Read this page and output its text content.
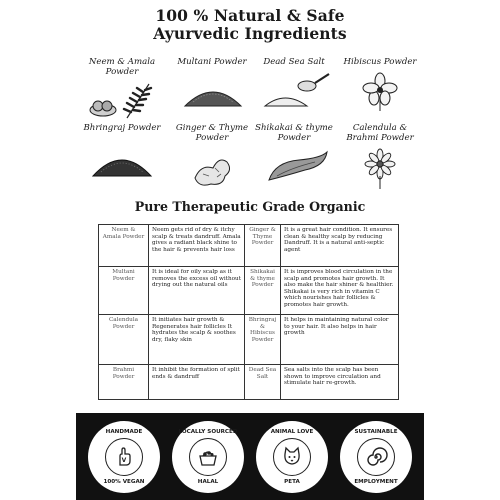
100 % Natural & Safe
Ayurvedic Ingredients
Neem & Amala Powder
Multani Powder	Dead Sea Salt	Hibiscus Powder
Bhringraj Powder	Ginger & Thyme Powder
Shikakai & thyme Powder
Calendula & Brahmi Powder
Pure Therapeutic Grade Organic
Neem & Amala Powder	Neem gets rid of dry & itchy scalp & treats dandruff. Amala gives a radiant black shine to the hair & prevents hair loss	Ginger & Thyme Powder	It is a great hair condition. It ensures clean & healthy scalp by reducing Dandruff. It is a natural anti-septic agent
Multani Powder	It is ideal for oily scalp as it removes the excess oil without drying out the natural oils	Shikakai & thyme Powder	It is improves blood circulation in the scalp and promotes hair growth. It also make the hair shiner & healthier. Shikakai is very rich in vitamin C which nourishes hair follicles & promotes hair growth.
Calendula Powder	It initiates hair growth & Regenerates hair follicles It hydrates the scalp & soothes dry, flaky skin	Bhringraj & Hibiscus Powder	It helps in maintaining natural color to your hair. It also helps in hair growth
Brahmi Powder	It inhibit the formation of split ends & dandruff	Dead Sea Salt	Sea salts into the scalp has been shown to improve circulation and stimulate hair re-growth.
HANDMADE
V
100% VEGAN
LOCALLY SOURCED
HALAL
ANIMAL LOVE
PETA
SUSTAINABLE
EMPLOYMENT
